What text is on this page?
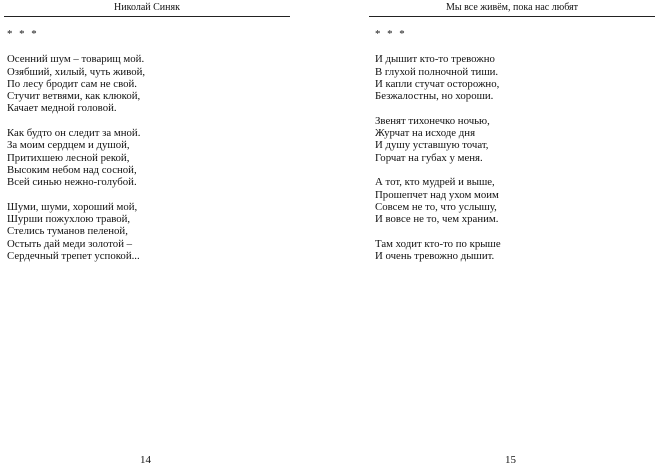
Николай Синяк
* * *
Осенний шум – товарищ мой.
Озябший, хилый, чуть живой,
По лесу бродит сам не свой.
Стучит ветвями, как клюкой,
Качает медной головой.
Как будто он следит за мной.
За моим сердцем и душой,
Притихшею лесной рекой,
Высоким небом над сосной,
Всей синью нежно-голубой.
Шуми, шуми, хороший мой,
Шурши пожухлою травой,
Стелись туманов пеленой,
Остыть дай меди золотой –
Сердечный трепет успокой...
14
Мы все живём, пока нас любят
* * *
И дышит кто-то тревожно
В глухой полночной тиши.
И капли стучат осторожно,
Безжалостны, но хороши.
Звенят тихонечко ночью,
Журчат на исходе дня
И душу уставшую точат,
Горчат на губах у меня.
А тот, кто мудрей и выше,
Прошепчет над ухом моим
Совсем не то, что услышу,
И вовсе не то, чем храним.
Там ходит кто-то по крыше
И очень тревожно дышит.
15
